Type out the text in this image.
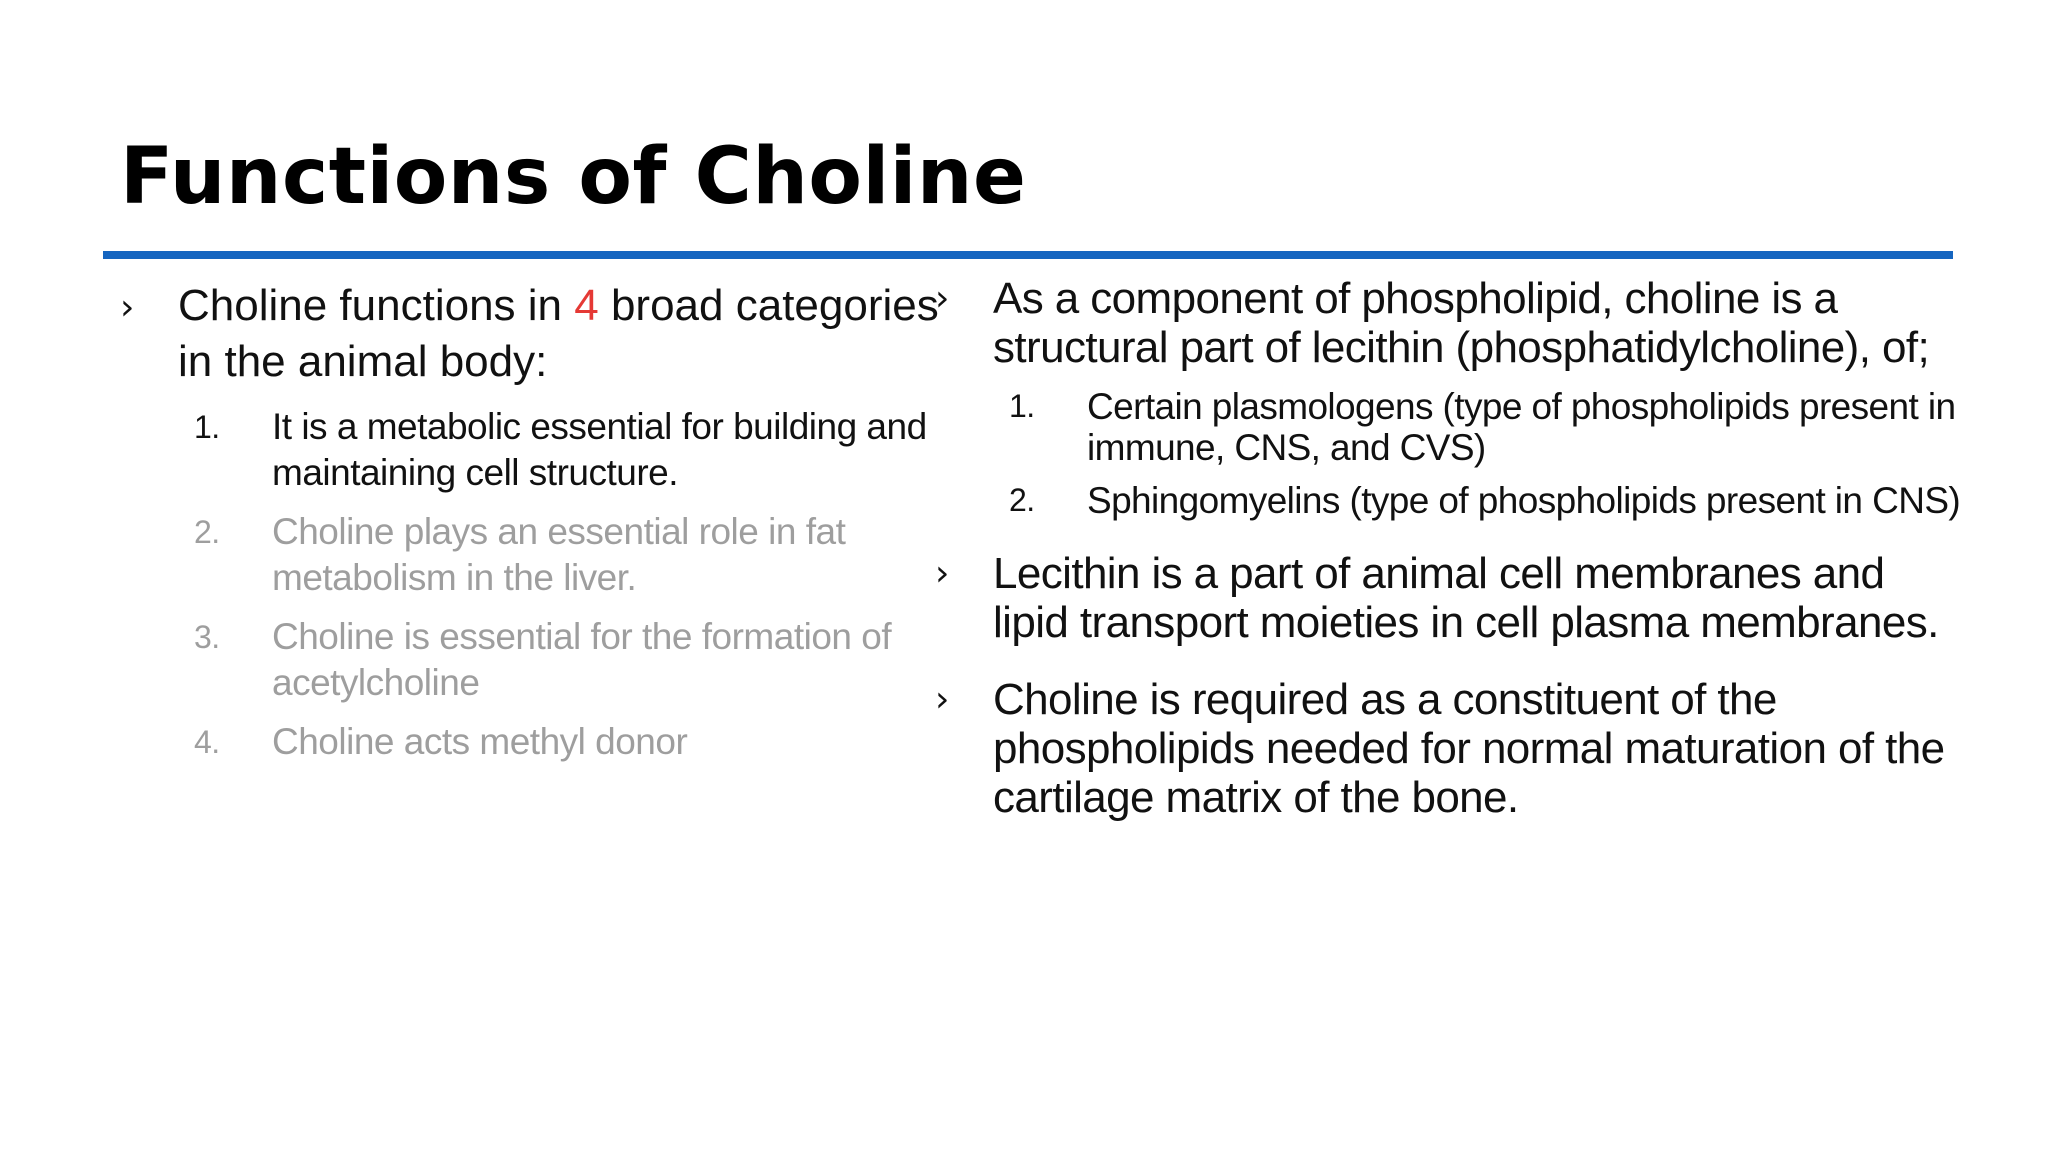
Functions of Choline
› Choline functions in 4 broad categories in the animal body:
1. It is a metabolic essential for building and maintaining cell structure.
2. Choline plays an essential role in fat metabolism in the liver.
3. Choline is essential for the formation of acetylcholine
4. Choline acts methyl donor
› As a component of phospholipid, choline is a structural part of lecithin (phosphatidylcholine), of;
1. Certain plasmologens (type of phospholipids present in immune, CNS, and CVS)
2. Sphingomyelins (type of phospholipids present in CNS)
› Lecithin is a part of animal cell membranes and lipid transport moieties in cell plasma membranes.
› Choline is required as a constituent of the phospholipids needed for normal maturation of the cartilage matrix of the bone.
